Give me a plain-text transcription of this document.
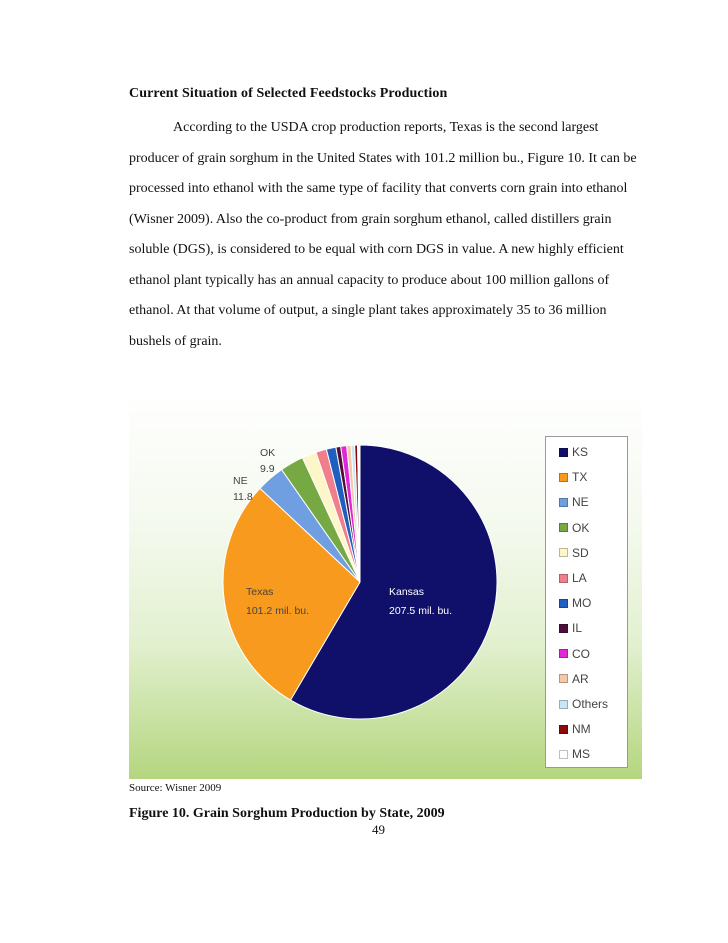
Current Situation of Selected Feedstocks Production

According to the USDA crop production reports, Texas is the second largest

producer of grain sorghum in the United States with 101.2 million bu., Figure 10. It can be processed into ethanol with the same type of facility that converts corn grain into ethanol (Wisner 2009). Also the co-product from grain sorghum ethanol, called distillers grain soluble (DGS), is considered to be equal with corn DGS in value. A new highly efficient ethanol plant typically has an annual capacity to produce about 100 million gallons of ethanol. At that volume of output, a single plant takes approximately 35 to 36 million bushels of grain.

OK
9.9
NE
11.8
Texas
101.2 mil. bu.
Kansas
207.5 mil. bu.
KS
TX
NE
OK
SD
LA
MO
IL
CO
AR
Others
NM
MS
Source: Wisner 2009
Figure 10. Grain Sorghum Production by State, 2009
49
